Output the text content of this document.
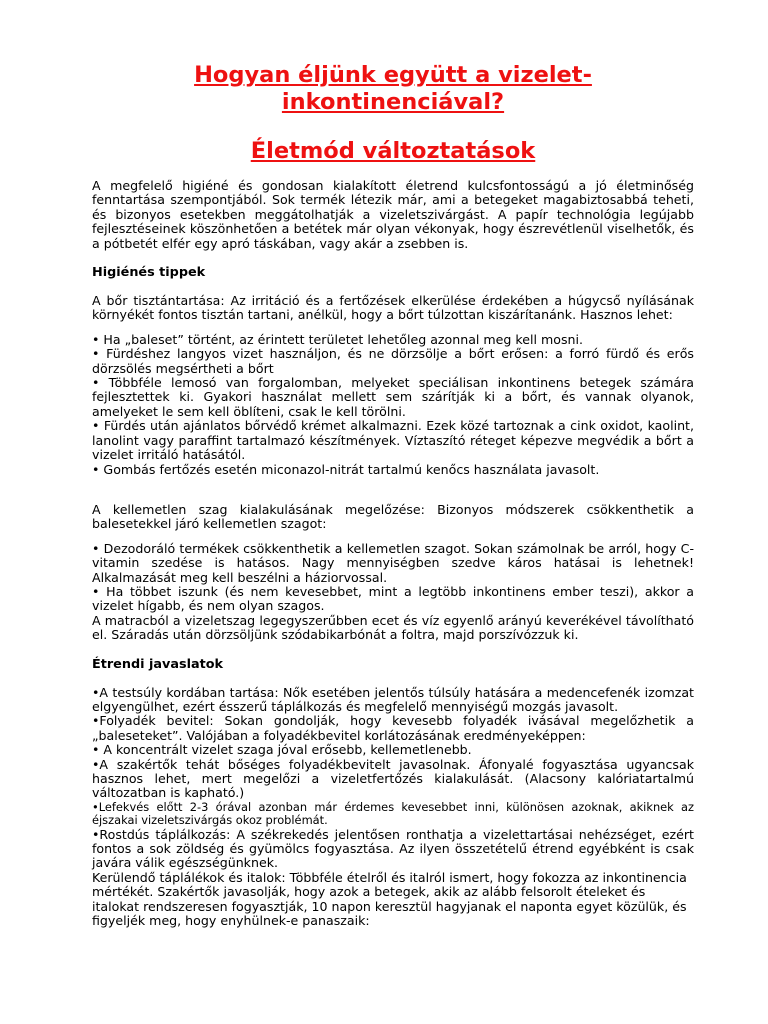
Hogyan éljünk együtt a vizelet-inkontinenciával?
Életmód változtatások

A megfelelő higiéné és gondosan kialakított életrend kulcsfontosságú a jó életminőség fenntartása szempontjából. Sok termék létezik már, ami a betegeket magabiztosabbá teheti, és bizonyos esetekben meggátolhatják a vizeletszivárgást. A papír technológia legújabb fejlesztéseinek köszönhetően a betétek már olyan vékonyak, hogy észrevétlenül viselhetők, és a pótbetét elfér egy apró táskában, vagy akár a zsebben is.

Higiénés tippek

A bőr tisztántartása: Az irritáció és a fertőzések elkerülése érdekében a húgycső nyílásának környékét fontos tisztán tartani, anélkül, hogy a bőrt túlzottan kiszárítanánk. Hasznos lehet:

• Ha „baleset” történt, az érintett területet lehetőleg azonnal meg kell mosni.

• Fürdéshez langyos vizet használjon, és ne dörzsölje a bőrt erősen: a forró fürdő és erős dörzsölés megsértheti a bőrt

• Többféle lemosó van forgalomban, melyeket speciálisan inkontinens betegek számára fejlesztettek ki. Gyakori használat mellett sem szárítják ki a bőrt, és vannak olyanok, amelyeket le sem kell öblíteni, csak le kell törölni.

• Fürdés után ajánlatos bőrvédő krémet alkalmazni. Ezek közé tartoznak a cink oxidot, kaolint, lanolint vagy paraffint tartalmazó készítmények. Víztaszító réteget képezve megvédik a bőrt a vizelet irritáló hatásától.

• Gombás fertőzés esetén miconazol-nitrát tartalmú kenőcs használata javasolt.

A kellemetlen szag kialakulásának megelőzése: Bizonyos módszerek csökkenthetik a balesetekkel járó kellemetlen szagot:

• Dezodoráló termékek csökkenthetik a kellemetlen szagot. Sokan számolnak be arról, hogy C-vitamin szedése is hatásos. Nagy mennyiségben szedve káros hatásai is lehetnek! Alkalmazását meg kell beszélni a háziorvossal.

• Ha többet iszunk (és nem kevesebbet, mint a legtöbb inkontinens ember teszi), akkor a vizelet hígabb, és nem olyan szagos.

A matracból a vizeletszag legegyszerűbben ecet és víz egyenlő arányú keverékével távolítható el. Száradás után dörzsöljünk szódabikarbónát a foltra, majd porszívózzuk ki.

Étrendi javaslatok

•A testsúly kordában tartása: Nők esetében jelentős túlsúly hatására a medencefenék izomzat elgyengülhet, ezért ésszerű táplálkozás és megfelelő mennyiségű mozgás javasolt.

•Folyadék bevitel: Sokan gondolják, hogy kevesebb folyadék ivásával megelőzhetik a „baleseteket”. Valójában a folyadékbevitel korlátozásának eredményeképpen:

• A koncentrált vizelet szaga jóval erősebb, kellemetlenebb.

•A szakértők tehát bőséges folyadékbevitelt javasolnak. Áfonyalé fogyasztása ugyancsak hasznos lehet, mert megelőzi a vizeletfertőzés kialakulását. (Alacsony kalóriatartalmú változatban is kapható.)

•Lefekvés előtt 2-3 órával azonban már érdemes kevesebbet inni, különösen azoknak, akiknek az éjszakai vizeletszivárgás okoz problémát.

•Rostdús táplálkozás: A székrekedés jelentősen ronthatja a vizelettartásai nehézséget, ezért fontos a sok zöldség és gyümölcs fogyasztása. Az ilyen összetételű étrend egyébként is csak javára válik egészségünknek.

Kerülendő táplálékok és italok: Többféle ételről és italról ismert, hogy fokozza az inkontinencia mértékét. Szakértők javasolják, hogy azok a betegek, akik az alább felsorolt ételeket és italokat rendszeresen fogyasztják, 10 napon keresztül hagyjanak el naponta egyet közülük, és figyeljék meg, hogy enyhülnek-e panaszaik:
